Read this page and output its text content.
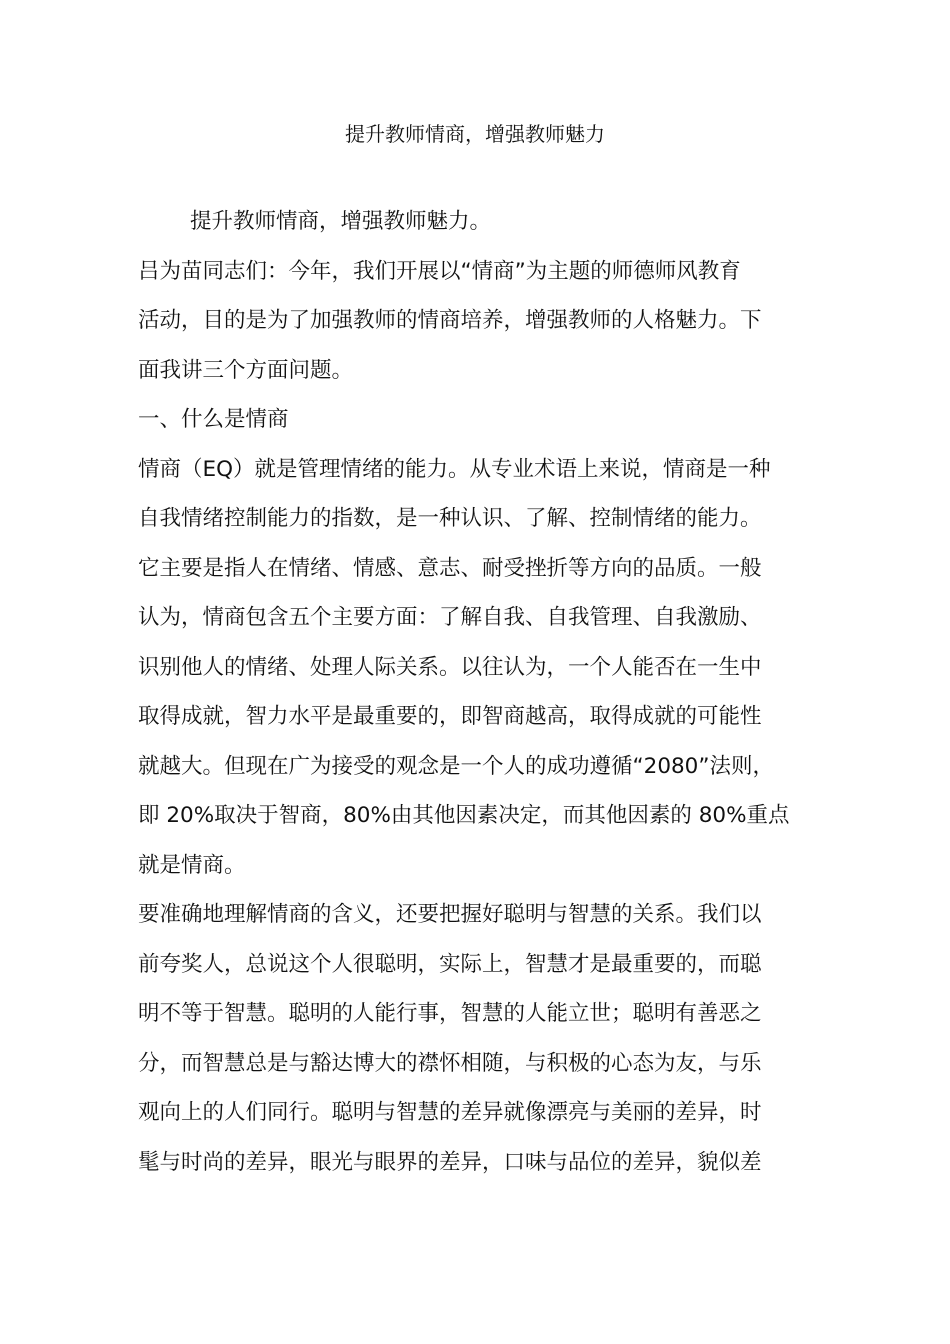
提升教师情商，增强教师魅力
提升教师情商，增强教师魅力。
吕为苗同志们：今年，我们开展以“情商”为主题的师德师风教育
活动，目的是为了加强教师的情商培养，增强教师的人格魅力。下
面我讲三个方面问题。
一、什么是情商
情商（EQ）就是管理情绪的能力。从专业术语上来说，情商是一种
自我情绪控制能力的指数，是一种认识、了解、控制情绪的能力。
它主要是指人在情绪、情感、意志、耐受挫折等方向的品质。一般
认为，情商包含五个主要方面：了解自我、自我管理、自我激励、
识别他人的情绪、处理人际关系。以往认为，一个人能否在一生中
取得成就，智力水平是最重要的，即智商越高，取得成就的可能性
就越大。但现在广为接受的观念是一个人的成功遵循“2080”法则，
即 20%取决于智商，80%由其他因素决定，而其他因素的 80%重点
就是情商。
要准确地理解情商的含义，还要把握好聪明与智慧的关系。我们以
前夸奖人，总说这个人很聪明，实际上，智慧才是最重要的，而聪
明不等于智慧。聪明的人能行事，智慧的人能立世；聪明有善恶之
分，而智慧总是与豁达博大的襟怀相随，与积极的心态为友，与乐
观向上的人们同行。聪明与智慧的差异就像漂亮与美丽的差异，时
髦与时尚的差异，眼光与眼界的差异，口味与品位的差异，貌似差
